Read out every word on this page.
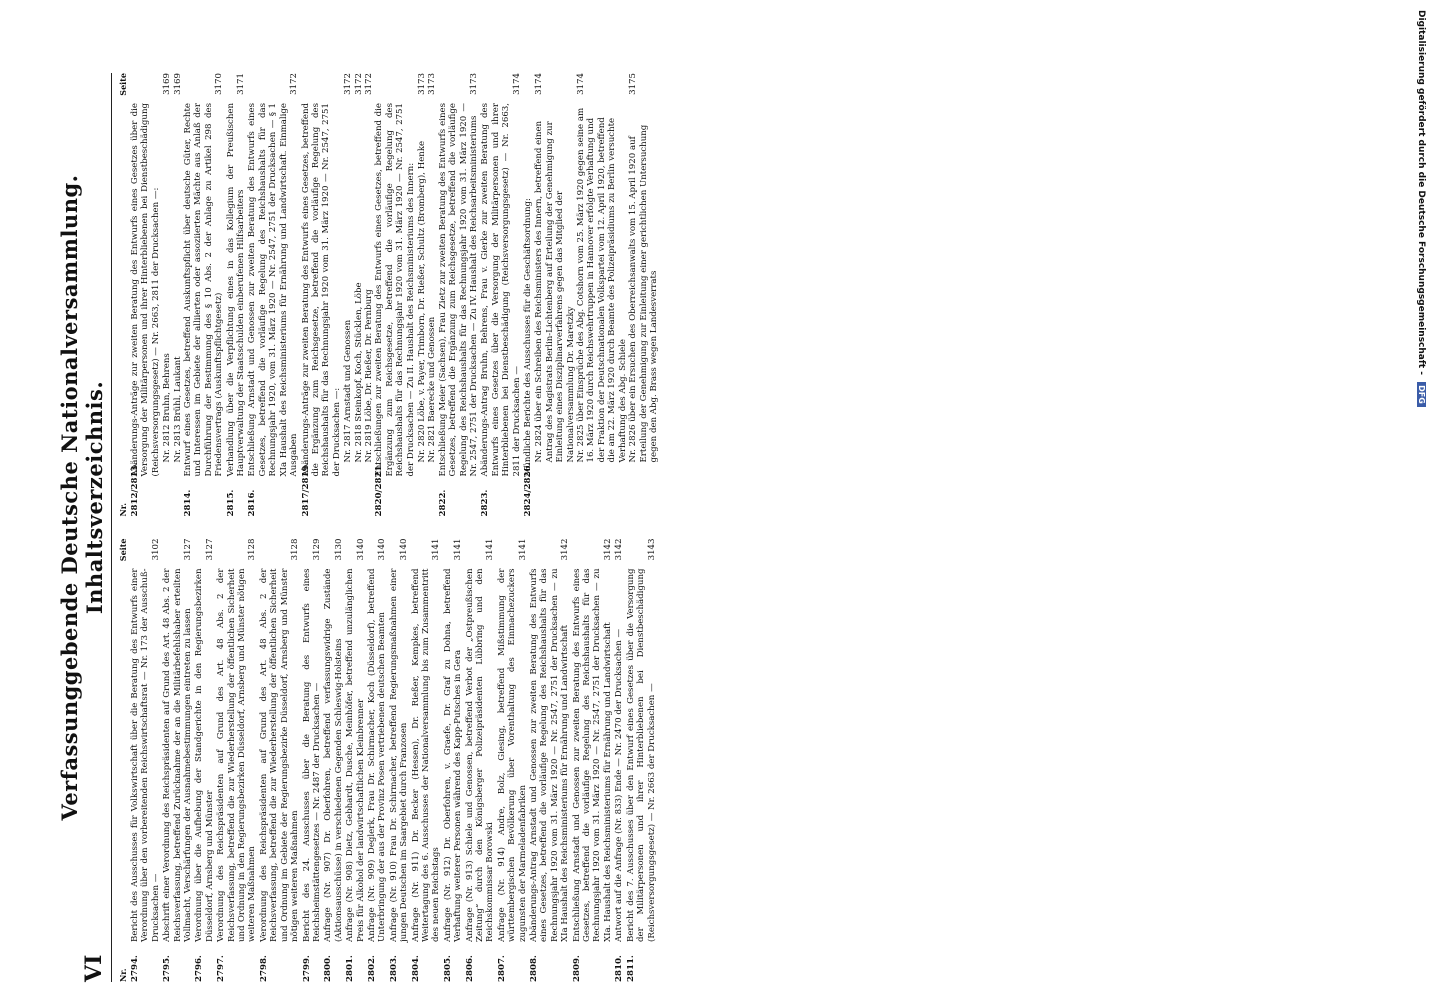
VI
Verfassunggebende Deutsche Nationalversammlung. Inhaltsverzeichnis.
Nr.
Seite
2794.
Bericht des Ausschusses für Volkswirtschaft über die Beratung des Entwurfs einer Verordnung über den vorbereitenden Reichswirtschaftsrat — Nr. 173 der Ausschuß-Drucksachen —
3102
2795.
Abschrift einer Verordnung des Reichspräsidenten auf Grund des Art. 48 Abs. 2 der Reichsverfassung, betreffend Zurücknahme der an die Militärbefehlshaber erteilten Vollmacht, Verschärfungen der Ausnahmebestimmungen eintreten zu lassen
3127
2796.
Verordnung über die Aufhebung der Standgerichte in den Regierungsbezirken Düsseldorf, Arnsberg und Münster
3127
2797.
Verordnung des Reichspräsidenten auf Grund des Art. 48 Abs. 2 der Reichsverfassung, betreffend die zur Wiederherstellung der öffentlichen Sicherheit und Ordnung in den Regierungsbezirken Düsseldorf, Arnsberg und Münster nötigen weiteren Maßnahmen
3128
2798.
Verordnung des Reichspräsidenten auf Grund des Art. 48 Abs. 2 der Reichsverfassung, betreffend die zur Wiederherstellung der öffentlichen Sicherheit und Ordnung im Gebiete der Regierungsbezirke Düsseldorf, Arnsberg und Münster nötigen weiteren Maßnahmen
3128
2799.
Bericht des 24. Ausschusses über die Beratung des Entwurfs eines Reichsheimstättengesetzes — Nr. 2487 der Drucksachen —
3129
2800.
Anfrage (Nr. 907) Dr. Oberfohren, betreffend verfassungswidrige Zustände (Aktionsausschüsse) in verschiedenen Gegenden Schleswig-Holsteins
3130
2801.
Anfrage (Nr. 908) Dietz, Gebhardt, Dusche, Meinhöfer, betreffend unzulänglichen Preis für Alkohol der landwirtschaftlichen Kleinbrenner
3140
2802.
Anfrage (Nr. 909) Deglerk, Frau Dr. Schirmacher, Koch (Düsseldorf), betreffend Unterbringung der aus der Provinz Posen vertriebenen deutschen Beamten
3140
2803.
Anfrage (Nr. 910) Frau Dr. Schirmacher, betreffend Regierungsmaßnahmen einer jungen Deutschen im Saargebiet durch Franzosen
3140
2804.
Anfrage (Nr. 911) Dr. Becker (Hessen), Dr. Rießer, Kempkes, betreffend Weitertagung des 6. Ausschusses der Nationalversammlung bis zum Zusammentritt des neuen Reichstags
3141
2805.
Anfrage (Nr. 912) Dr. Oberfohren, v. Graefe, Dr. Graf zu Dohna, betreffend Verhaftung weiterer Personen während des Kapp-Putsches in Gera
3141
2806.
Anfrage (Nr. 913) Schiele und Genossen, betreffend Verbot der „Ostpreußischen Zeitung“ durch den Königsberger Polizeipräsidenten Lübbring und den Reichskommissar Borowski
3141
2807.
Anfrage (Nr. 914) Andre, Bolz, Giesing, betreffend Mißstimmung der württembergischen Bevölkerung über Vorenthaltung des Einmachezuckers zugunsten der Marmeladenfabriken
3141
2808.
Abänderungs-Antrag Arnstadt und Genossen zur zweiten Beratung des Entwurfs eines Gesetzes, betreffend die vorläufige Regelung des Reichshaushalts für das Rechnungsjahr 1920 vom 31. März 1920 — Nr. 2547, 2751 der Drucksachen — zu XIa Haushalt des Reichsministeriums für Ernährung und Landwirtschaft
3142
2809.
Entschließung Arnstadt und Genossen zur zweiten Beratung des Entwurfs eines Gesetzes, betreffend die vorläufige Regelung des Reichshaushalts für das Rechnungsjahr 1920 vom 31. März 1920 — Nr. 2547, 2751 der Drucksachen — zu XIa. Haushalt des Reichsministeriums für Ernährung und Landwirtschaft
3142
2810.
Antwort auf die Anfrage (Nr. 833) Ende — Nr. 2470 der Drucksachen —
3142
2811.
Bericht des 7. Ausschusses über den Entwurf eines Gesetzes über die Versorgung der Militärpersonen und ihrer Hinterbliebenen bei Dienstbeschädigung (Reichsversorgungsgesetz) — Nr. 2663 der Drucksachen —
3143
Nr.
Seite
2812/2813.
Abänderungs-Anträge zur zweiten Beratung des Entwurfs eines Gesetzes über die Versorgung der Militärpersonen und ihrer Hinterbliebenen bei Dienstbeschädigung (Reichsversorgungsgesetz) — Nr. 2663, 2811 der Drucksachen —: Nr. 2812 Bruhn, Behrens
3169
Nr. 2813 Brühl, Laukant
3169
2814.
Entwurf eines Gesetzes, betreffend Auskunftspflicht über deutsche Güter, Rechte und Interessen im Gebiete der alliierten oder assoziierten Mächte aus Anlaß der Durchführung der Bestimmung des § 10 Abs. 2 der Anlage zu Artikel 298 des Friedensvertrags (Auskunftspflichtgesetz)
3170
2815.
Verhandlung über die Verpflichtung eines in das Kollegium der Preußischen Hauptverwaltung der Staatsschulden einberufenen Hilfsarbeiters
3171
2816.
Entschließung Arnstadt und Genossen zur zweiten Beratung des Entwurfs eines Gesetzes, betreffend die vorläufige Regelung des Reichshaushalts für das Rechnungsjahr 1920, vom 31. März 1920 — Nr. 2547, 2751 der Drucksachen — § 1 XIa Haushalt des Reichsministeriums für Ernährung und Landwirtschaft. Einmalige Ausgaben
3172
2817/2819.
Abänderungs-Anträge zur zweiten Beratung des Entwurfs eines Gesetzes, betreffend die Ergänzung zum Reichsgesetze, betreffend die vorläufige Regelung des Reichshaushalts für das Rechnungsjahr 1920 vom 31. März 1920 — Nr. 2547, 2751 der Drucksachen —: Nr. 2817 Arnstadt und Genossen
3172
Nr. 2818 Steinkopf, Koch, Stücklen, Löbe
3172
Nr. 2819 Löbe, Dr. Rießer, Dr. Pernburg
3172
2820/2821.
Entschließungen zur zweiten Beratung des Entwurfs eines Gesetzes, betreffend die Ergänzung zum Reichsgesetze, betreffend die vorläufige Regelung des Reichshaushalts für das Rechnungsjahr 1920 vom 31. März 1920 — Nr. 2547, 2751 der Drucksachen — Zu II. Haushalt des Reichsministeriums des Innern: Nr. 2820 Löbe, v. Payer, Trimborn, Dr. Rießer, Schultz (Bromberg), Henke
3173
Nr. 2821 Baerecke und Genossen
3173
2822.
Entschließung Meier (Sachsen), Frau Zietz zur zweiten Beratung des Entwurfs eines Gesetzes, betreffend die Ergänzung zum Reichsgesetze, betreffend die vorläufige Regelung des Reichshaushalts für das Rechnungsjahr 1920 vom 31. März 1920 — Nr. 2547, 2751 der Drucksachen — Zu IV. Haushalt des Reichsarbeitsministeriums
3173
2823.
Abänderungs-Antrag Bruhn, Behrens, Frau v. Gierke zur zweiten Beratung des Entwurfs eines Gesetzes über die Versorgung der Militärpersonen und ihrer Hinterbliebenen bei Dienstbeschädigung (Reichsversorgungsgesetz) — Nr. 2663, 2811 der Drucksachen —
3174
2824/2826.
Mündliche Berichte des Ausschusses für die Geschäftsordnung: Nr. 2824 über ein Schreiben des Reichsministers des Innern, betreffend einen Antrag des Magistrats Berlin-Lichtenberg auf Erteilung der Genehmigung zur Einleitung eines Disziplinarverfahrens gegen das Mitglied der Nationalversammlung Dr. Maretzky
3174
Nr. 2825 über Einsprüche des Abg. Cotshorn vom 25. März 1920 gegen seine am 16. März 1920 durch Reichswehrtruppen in Hannover erfolgte Verhaftung und der Fraktion der Deutschnationalen Volkspartei vom 12. April 1920, betreffend die am 22. März 1920 durch Beamte des Polizeipräsidiums zu Berlin versuchte Verhaftung des Abg. Schiele
3174
Nr. 2826 über ein Ersuchen des Oberreichsanwalts vom 15. April 1920 auf Erteilung der Genehmigung zur Einleitung einer gerichtlichen Untersuchung gegen den Abg. Brass wegen Landesverrats
3175	Digitalisierung gefördert durch die Deutsche Forschungsgemeinschaft - DFG
